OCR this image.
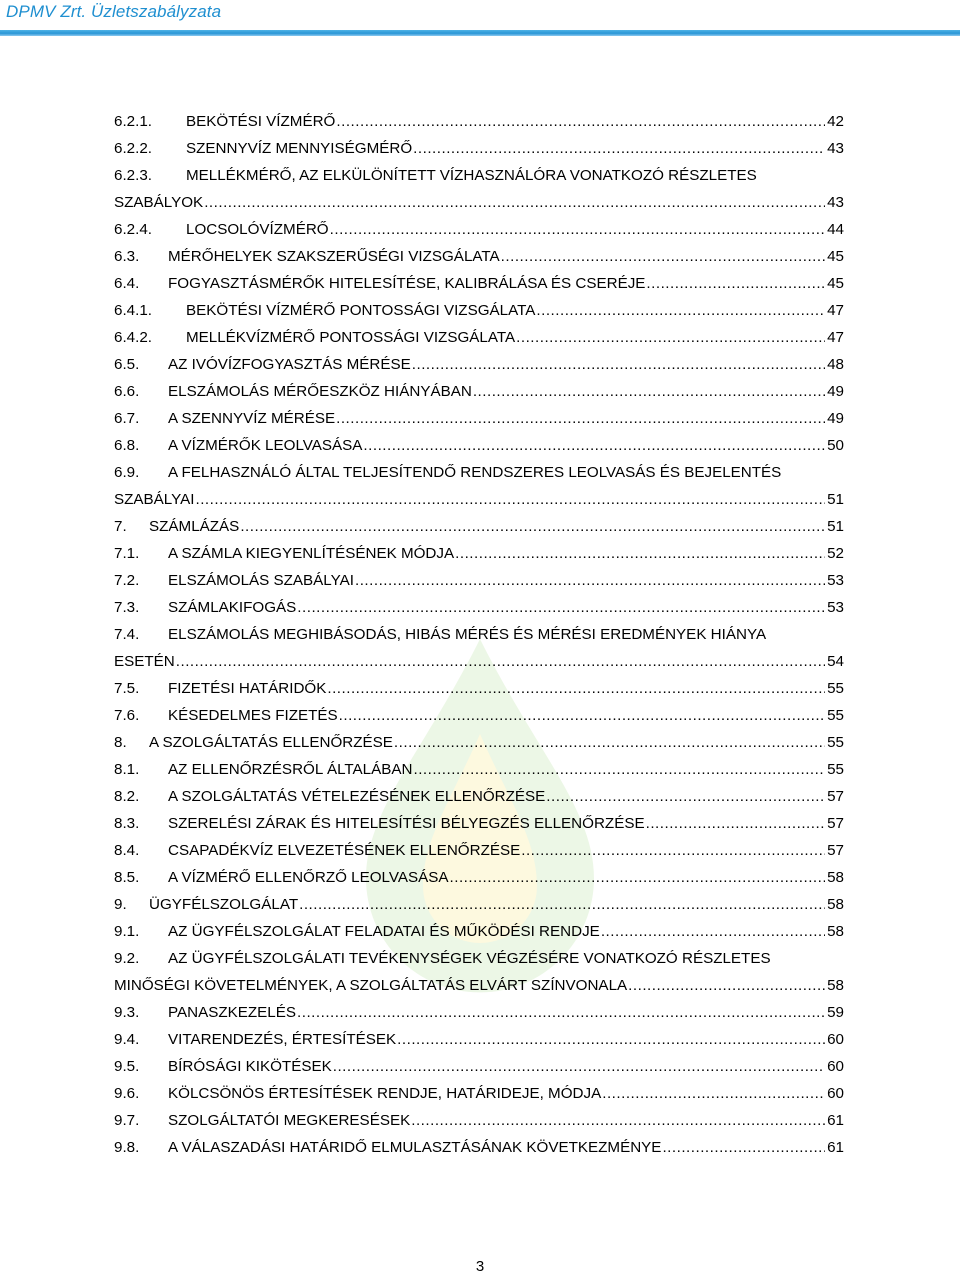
DPMV Zrt. Üzletszabályzata
6.2.1.	BEKÖTÉSI VÍZMÉRŐ .....	42
6.2.2.	SZENNYVÍZ MENNYISÉGMÉRŐ .....	43
6.2.3.	MELLÉKMÉRŐ, AZ ELKÜLÖNÍTETT VÍZHASZNÁLÓRA VONATKOZÓ RÉSZLETES
SZABÁLYOK .....	43
6.2.4.	LOCSOLÓVÍZMÉRŐ .....	44
6.3.	MÉRŐHELYEK SZAKSZERŰSÉGI VIZSGÁLATA .....	45
6.4.	FOGYASZTÁSMÉRŐK HITELESÍTÉSE, KALIBRÁLÁSA ÉS CSERÉJE .....	45
6.4.1.	BEKÖTÉSI VÍZMÉRŐ PONTOSSÁGI VIZSGÁLATA .....	47
6.4.2.	MELLÉKVÍZMÉRŐ PONTOSSÁGI VIZSGÁLATA .....	47
6.5.	AZ IVÓVÍZFOGYASZTÁS MÉRÉSE .....	48
6.6.	ELSZÁMOLÁS MÉRŐESZKÖZ HIÁNYÁBAN .....	49
6.7.	A SZENNYVÍZ MÉRÉSE .....	49
6.8.	A VÍZMÉRŐK LEOLVASÁSA .....	50
6.9.	A FELHASZNÁLÓ ÁLTAL TELJESÍTENDŐ RENDSZERES LEOLVASÁS ÉS BEJELENTÉS
SZABÁLYAI .....	51
7.	SZÁMLÁZÁS .....	51
7.1.	A SZÁMLA KIEGYENLÍTÉSÉNEK MÓDJA .....	52
7.2.	ELSZÁMOLÁS SZABÁLYAI .....	53
7.3.	SZÁMLAKIFOGÁS .....	53
7.4.	ELSZÁMOLÁS MEGHIBÁSODÁS, HIBÁS MÉRÉS ÉS MÉRÉSI EREDMÉNYEK HIÁNYA
ESETÉN .....	54
7.5.	FIZETÉSI HATÁRIDŐK .....	55
7.6.	KÉSEDELMES FIZETÉS .....	55
8.	A SZOLGÁLTATÁS ELLENŐRZÉSE .....	55
8.1.	AZ ELLENŐRZÉSRŐL ÁLTALÁBAN .....	55
8.2.	A SZOLGÁLTATÁS VÉTELEZÉSÉNEK ELLENŐRZÉSE .....	57
8.3.	SZERELÉSI ZÁRAK ÉS HITELESÍTÉSI BÉLYEGZÉS ELLENŐRZÉSE .....	57
8.4.	CSAPADÉKVÍZ ELVEZETÉSÉNEK ELLENŐRZÉSE .....	57
8.5.	A VÍZMÉRŐ ELLENŐRZŐ LEOLVASÁSA .....	58
9.	ÜGYFÉLSZOLGÁLAT .....	58
9.1.	AZ ÜGYFÉLSZOLGÁLAT FELADATAI ÉS MŰKÖDÉSI RENDJE .....	58
9.2.	AZ ÜGYFÉLSZOLGÁLATI TEVÉKENYSÉGEK VÉGZÉSÉRE VONATKOZÓ RÉSZLETES
MINŐSÉGI KÖVETELMÉNYEK, A SZOLGÁLTATÁS ELVÁRT SZÍNVONALA .....	58
9.3.	PANASZKEZELÉS .....	59
9.4.	VITARENDEZÉS, ÉRTESÍTÉSEK .....	60
9.5.	BÍRÓSÁGI KIKÖTÉSEK .....	60
9.6.	KÖLCSÖNÖS ÉRTESÍTÉSEK RENDJE, HATÁRIDEJE, MÓDJA .....	60
9.7.	SZOLGÁLTATÓI MEGKERESÉSEK .....	61
9.8.	A VÁLASZADÁSI HATÁRIDŐ ELMULASZTÁSÁNAK KÖVETKEZMÉNYE .....	61
3
